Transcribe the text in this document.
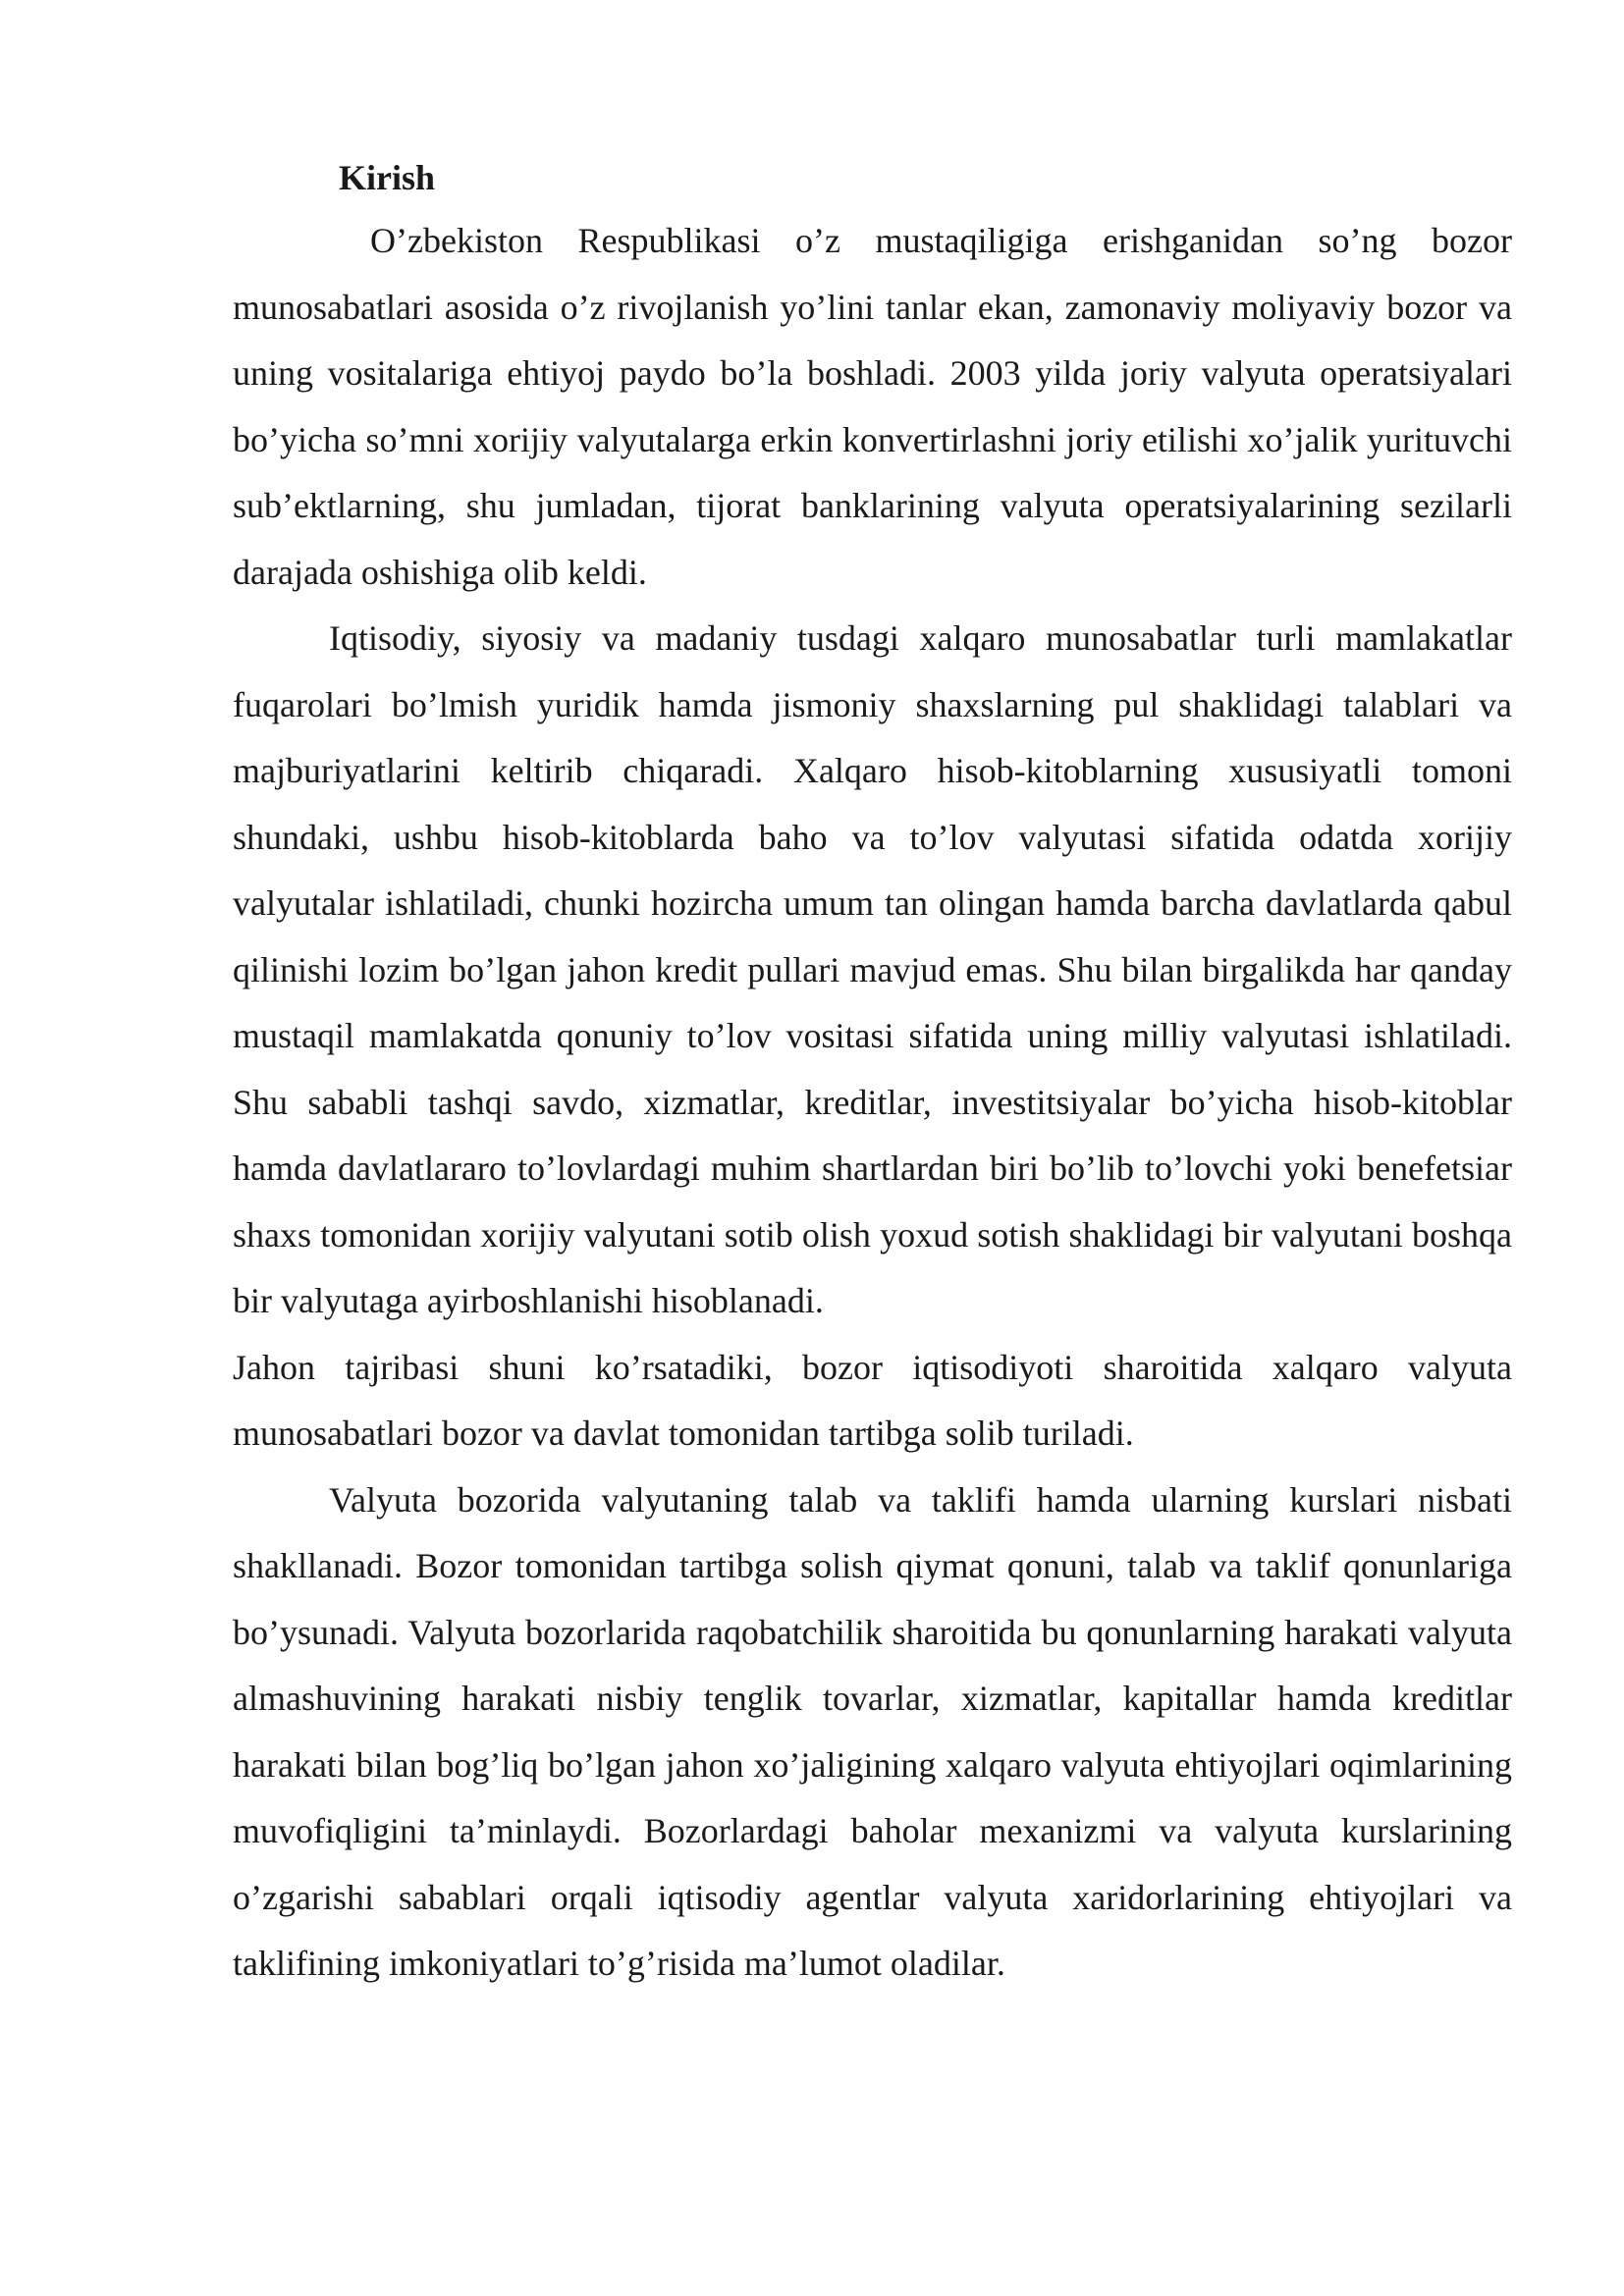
Kirish

O’zbekiston Respublikasi o’z mustaqiligiga erishganidan so’ng bozor munosabatlari asosida o’z rivojlanish yo’lini tanlar ekan, zamonaviy moliyaviy bozor va uning vositalariga ehtiyoj paydo bo’la boshladi. 2003 yilda joriy valyuta operatsiyalari bo’yicha so’mni xorijiy valyutalarga erkin konvertirlashni joriy etilishi xo’jalik yurituvchi sub’ektlarning, shu jumladan, tijorat banklarining valyuta operatsiyalarining sezilarli darajada oshishiga olib keldi.

Iqtisodiy, siyosiy va madaniy tusdagi xalqaro munosabatlar turli mamlakatlar fuqarolari bo’lmish yuridik hamda jismoniy shaxslarning pul shaklidagi talablari va majburiyatlarini keltirib chiqaradi. Xalqaro hisob-kitoblarning xususiyatli tomoni shundaki, ushbu hisob-kitoblarda baho va to’lov valyutasi sifatida odatda xorijiy valyutalar ishlatiladi, chunki hozircha umum tan olingan hamda barcha davlatlarda qabul qilinishi lozim bo’lgan jahon kredit pullari mavjud emas. Shu bilan birgalikda har qanday mustaqil mamlakatda qonuniy to’lov vositasi sifatida uning milliy valyutasi ishlatiladi. Shu sababli tashqi savdo, xizmatlar, kreditlar, investitsiyalar bo’yicha hisob-kitoblar hamda davlatlararo to’lovlardagi muhim shartlardan biri bo’lib to’lovchi yoki benefetsiar shaxs tomonidan xorijiy valyutani sotib olish yoxud sotish shaklidagi bir valyutani boshqa bir valyutaga ayirboshlanishi hisoblanadi.

Jahon tajribasi shuni ko’rsatadiki, bozor iqtisodiyoti sharoitida xalqaro valyuta munosabatlari bozor va davlat tomonidan tartibga solib turiladi.

Valyuta bozorida valyutaning talab va taklifi hamda ularning kurslari nisbati shakllanadi. Bozor tomonidan tartibga solish qiymat qonuni, talab va taklif qonunlariga bo’ysunadi. Valyuta bozorlarida raqobatchilik sharoitida bu qonunlarning harakati valyuta almashuvining harakati nisbiy tenglik tovarlar, xizmatlar, kapitallar hamda kreditlar harakati bilan bog’liq bo’lgan jahon xo’jaligining xalqaro valyuta ehtiyojlari oqimlarining muvofiqligini ta’minlaydi. Bozorlardagi baholar mexanizmi va valyuta kurslarining o’zgarishi sabablari orqali iqtisodiy agentlar valyuta xaridorlarining ehtiyojlari va taklifining imkoniyatlari to’g’risida ma’lumot oladilar.
